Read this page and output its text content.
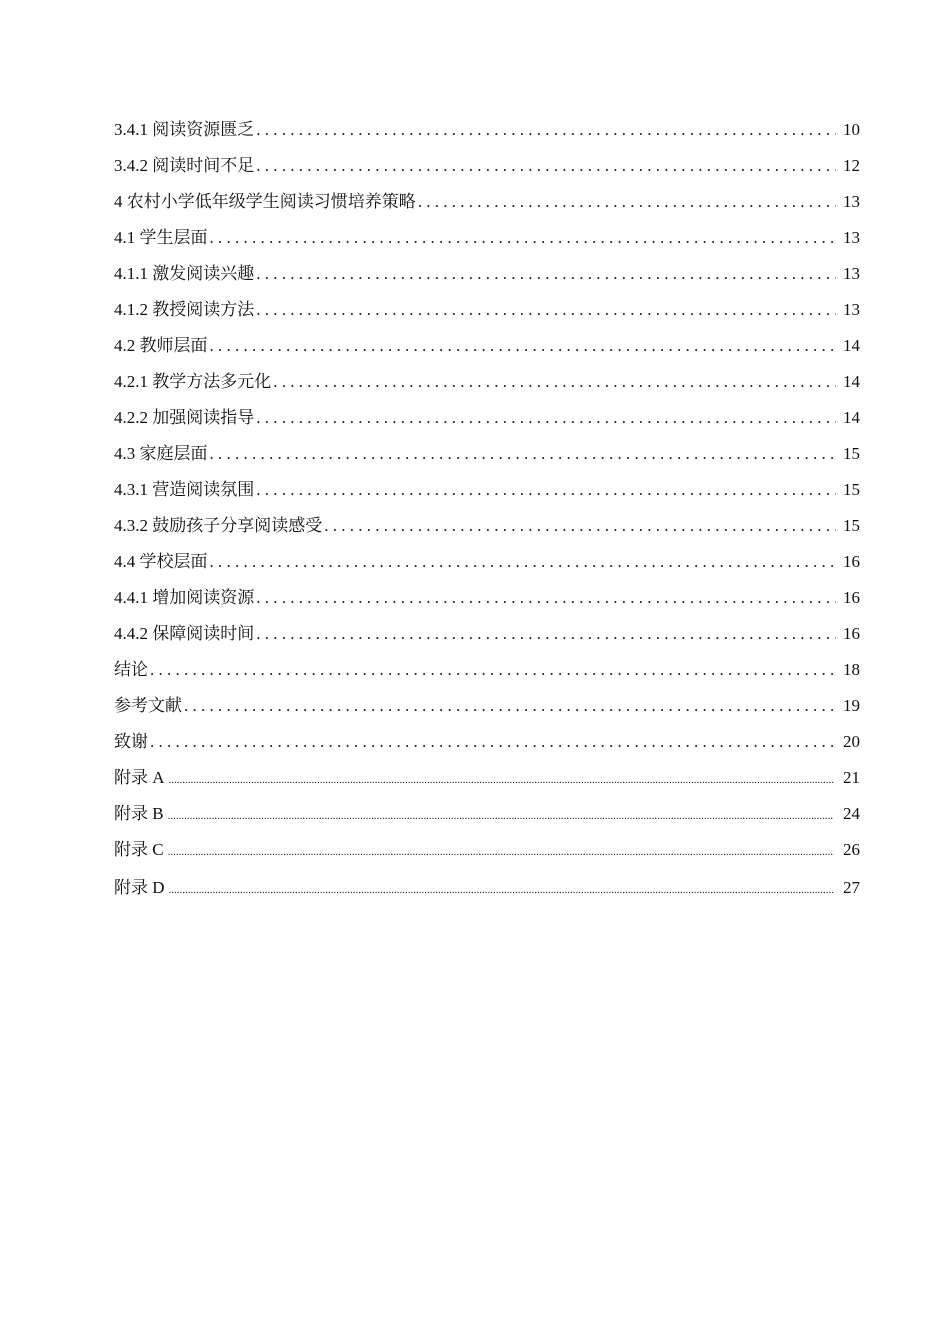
3.4.1 阅读资源匮乏 . . .	10
3.4.2 阅读时间不足 . . .	12
4 农村小学低年级学生阅读习惯培养策略 . . .	13
4.1 学生层面 . . .	13
4.1.1 激发阅读兴趣 . . .	13
4.1.2 教授阅读方法 . . .	13
4.2 教师层面 . . .	14
4.2.1 教学方法多元化 . . .	14
4.2.2 加强阅读指导 . . .	14
4.3 家庭层面 . . .	15
4.3.1 营造阅读氛围 . . .	15
4.3.2 鼓励孩子分享阅读感受 . . .	15
4.4 学校层面 . . .	16
4.4.1 增加阅读资源 . . .	16
4.4.2 保障阅读时间 . . .	16
结论 . . .	18
参考文献 . . .	19
致谢 . . .	20
附录 A .....	21
附录 B .....	24
附录 C .....	26
附录 D .....	27
